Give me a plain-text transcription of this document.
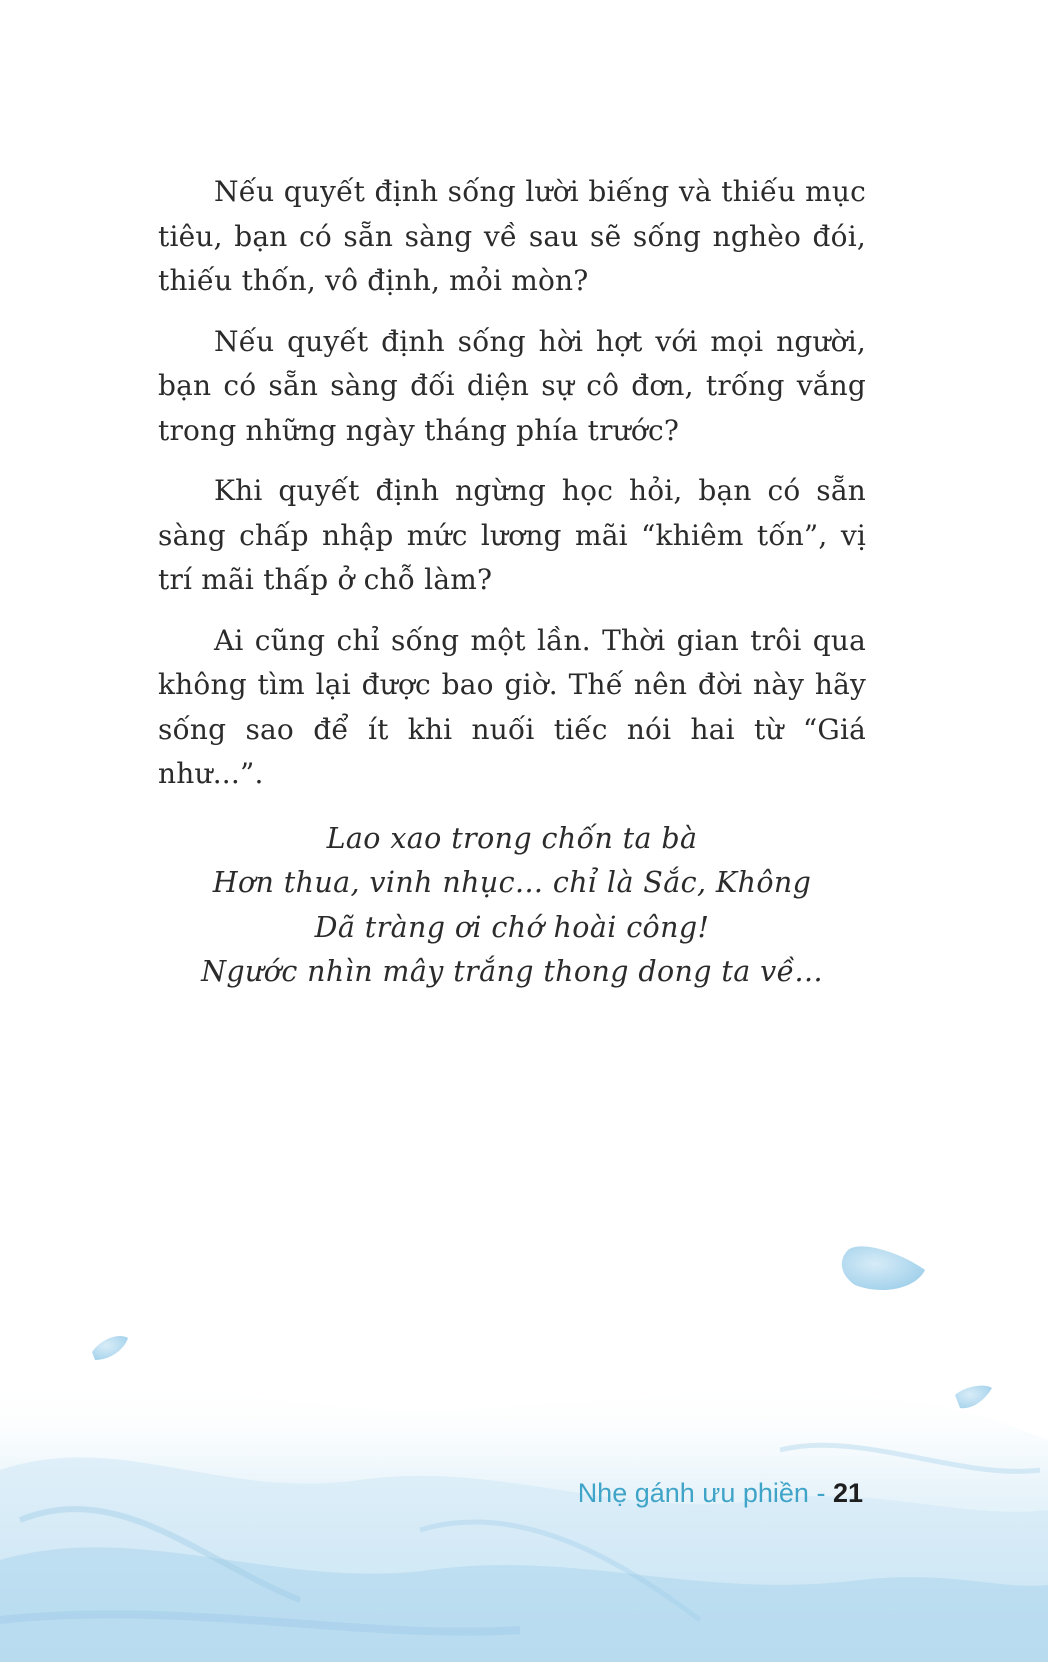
Nếu quyết định sống lười biếng và thiếu mục tiêu, bạn có sẵn sàng về sau sẽ sống nghèo đói, thiếu thốn, vô định, mỏi mòn?

Nếu quyết định sống hời hợt với mọi người, bạn có sẵn sàng đối diện sự cô đơn, trống vắng trong những ngày tháng phía trước?

Khi quyết định ngừng học hỏi, bạn có sẵn sàng chấp nhập mức lương mãi “khiêm tốn”, vị trí mãi thấp ở chỗ làm?

Ai cũng chỉ sống một lần. Thời gian trôi qua không tìm lại được bao giờ. Thế nên đời này hãy sống sao để ít khi nuối tiếc nói hai từ “Giá như...”.

Lao xao trong chốn ta bà
Hơn thua, vinh nhục... chỉ là Sắc, Không
Dã tràng ơi chớ hoài công!
Ngước nhìn mây trắng thong dong ta về...
Nhẹ gánh ưu phiền - 21
